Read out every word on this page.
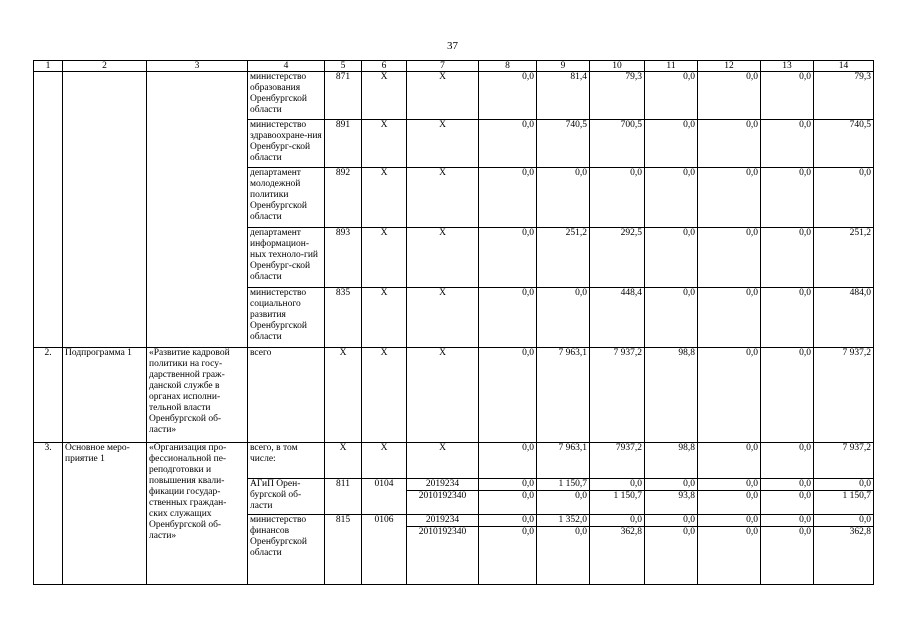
37
1	2	3	4	5	6	7	8	9	10	11	12	13	14
			министерство образования Оренбургской области	871	Х	Х	0,0	81,4	79,3	0,0	0,0	0,0	79,3
			министерство здравоохране-ния Оренбург-ской области	891	Х	Х	0,0	740,5	700,5	0,0	0,0	0,0	740,5
			департамент молодежной политики Оренбургской области	892	Х	Х	0,0	0,0	0,0	0,0	0,0	0,0	0,0
			департамент информацион-ных техноло-гий Оренбург-ской области	893	Х	Х	0,0	251,2	292,5	0,0	0,0	0,0	251,2
			министерство социального развития Оренбургской области	835	Х	Х	0,0	0,0	448,4	0,0	0,0	0,0	484,0
2.	Подпрограмма 1	«Развитие кадровой политики на госу-дарственной граж-данской службе в органах исполни-тельной власти Оренбургской об-ласти»	всего	Х	Х	Х	0,0	7 963,1	7 937,2	98,8	0,0	0,0	7 937,2
3.	Основное меро-приятие 1	«Организация про-фессиональной пе-реподготовки и повышения квали-фикации государ-ственных граждан-ских служащих Оренбургской об-ласти»	всего, в том числе:	Х	Х	Х	0,0	7 963,1	7937,2	98,8	0,0	0,0	7 937,2
			АГиП Орен-бургской об-ласти	811	0104	2019234	0,0	1 150,7	0,0	0,0	0,0	0,0	0,0
						2010192340	0,0	0,0	1 150,7	93,8	0,0	0,0	1 150,7
			министерство финансов Оренбургской области	815	0106	2019234	0,0	1 352,0	0,0	0,0	0,0	0,0	0,0
						2010192340	0,0	0,0	362,8	0,0	0,0	0,0	362,8
